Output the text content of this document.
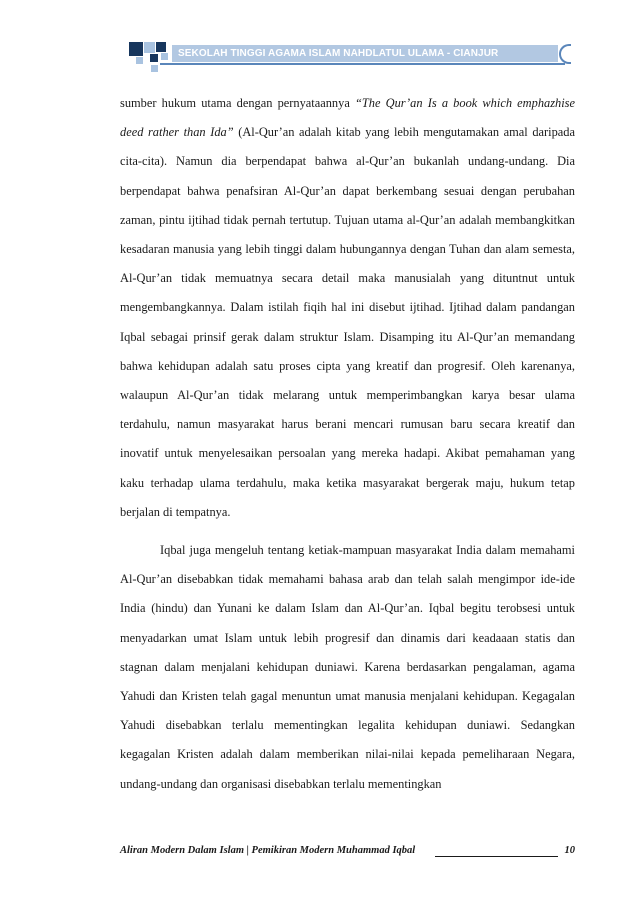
SEKOLAH TINGGI AGAMA ISLAM NAHDLATUL ULAMA - CIANJUR

sumber hukum utama dengan pernyataannya “The Qur’an Is a book which emphazhise deed rather than Ida” (Al-Qur’an adalah kitab yang lebih mengutamakan amal daripada cita-cita). Namun dia berpendapat bahwa al-Qur’an bukanlah undang-undang. Dia berpendapat bahwa penafsiran Al-Qur’an dapat berkembang sesuai dengan perubahan zaman, pintu ijtihad tidak pernah tertutup. Tujuan utama al-Qur’an adalah membangkitkan kesadaran manusia yang lebih tinggi dalam hubungannya dengan Tuhan dan alam semesta, Al-Qur’an tidak memuatnya secara detail maka manusialah yang dituntnut untuk mengembangkannya. Dalam istilah fiqih hal ini disebut ijtihad. Ijtihad dalam pandangan Iqbal sebagai prinsif gerak dalam struktur Islam. Disamping itu Al-Qur’an memandang bahwa kehidupan adalah satu proses cipta yang kreatif dan progresif. Oleh karenanya, walaupun Al-Qur’an tidak melarang untuk memperimbangkan karya besar ulama terdahulu, namun masyarakat harus berani mencari rumusan baru secara kreatif dan inovatif untuk menyelesaikan persoalan yang mereka hadapi. Akibat pemahaman yang kaku terhadap ulama terdahulu, maka ketika masyarakat bergerak maju, hukum tetap berjalan di tempatnya.

Iqbal juga mengeluh tentang ketiak-mampuan masyarakat India dalam memahami Al-Qur’an disebabkan tidak memahami bahasa arab dan telah salah mengimpor ide-ide India (hindu) dan Yunani ke dalam Islam dan Al-Qur’an. Iqbal begitu terobsesi untuk menyadarkan umat Islam untuk lebih progresif dan dinamis dari keadaaan statis dan stagnan dalam menjalani kehidupan duniawi. Karena berdasarkan pengalaman, agama Yahudi dan Kristen telah gagal menuntun umat manusia menjalani kehidupan. Kegagalan Yahudi disebabkan terlalu mementingkan legalita kehidupan duniawi. Sedangkan kegagalan Kristen adalah dalam memberikan nilai-nilai kepada pemeliharaan Negara, undang-undang dan organisasi disebabkan terlalu mementingkan

Aliran Modern Dalam Islam | Pemikiran Modern Muhammad Iqbal	10
